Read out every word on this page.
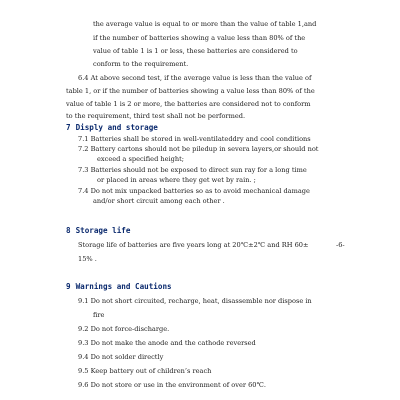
the average value is equal to or more than the value of table 1,and
if the number of batteries showing a value less than 80% of the
value of table 1 is 1 or less, these batteries are considered to
conform to the requirement.
6.4 At above second test, if the average value is less than the value of
table 1, or if the number of batteries showing a value less than 80% of the
value of table 1 is 2 or more, the batteries are considered not to conform
to the requirement, third test shall not be performed.
7 Disply and storage
7.1 Batteries shall be stored in well-ventilateddry and cool conditions
7.2 Battery cartons should not be piledup in severa layers,or should not
exceed a specified height;
7.3 Batteries should not be exposed to direct sun ray for a long time
or placed in areas where they get wet by rain. ;
7.4 Do not mix unpacked batteries so as to avoid mechanical damage
and/or short circuit among each other .
8 Storage life
Storage life of batteries are five years long at 20℃±2℃ and RH 60±	-6-
15% .
9 Warnings and Cautions
9.1 Do not short circuited, recharge, heat, disassemble nor dispose in
fire
9.2 Do not force-discharge.
9.3 Do not make the anode and the cathode reversed
9.4 Do not solder directly
9.5 Keep battery out of children’s reach
9.6 Do not store or use in the environment of over 60℃.
